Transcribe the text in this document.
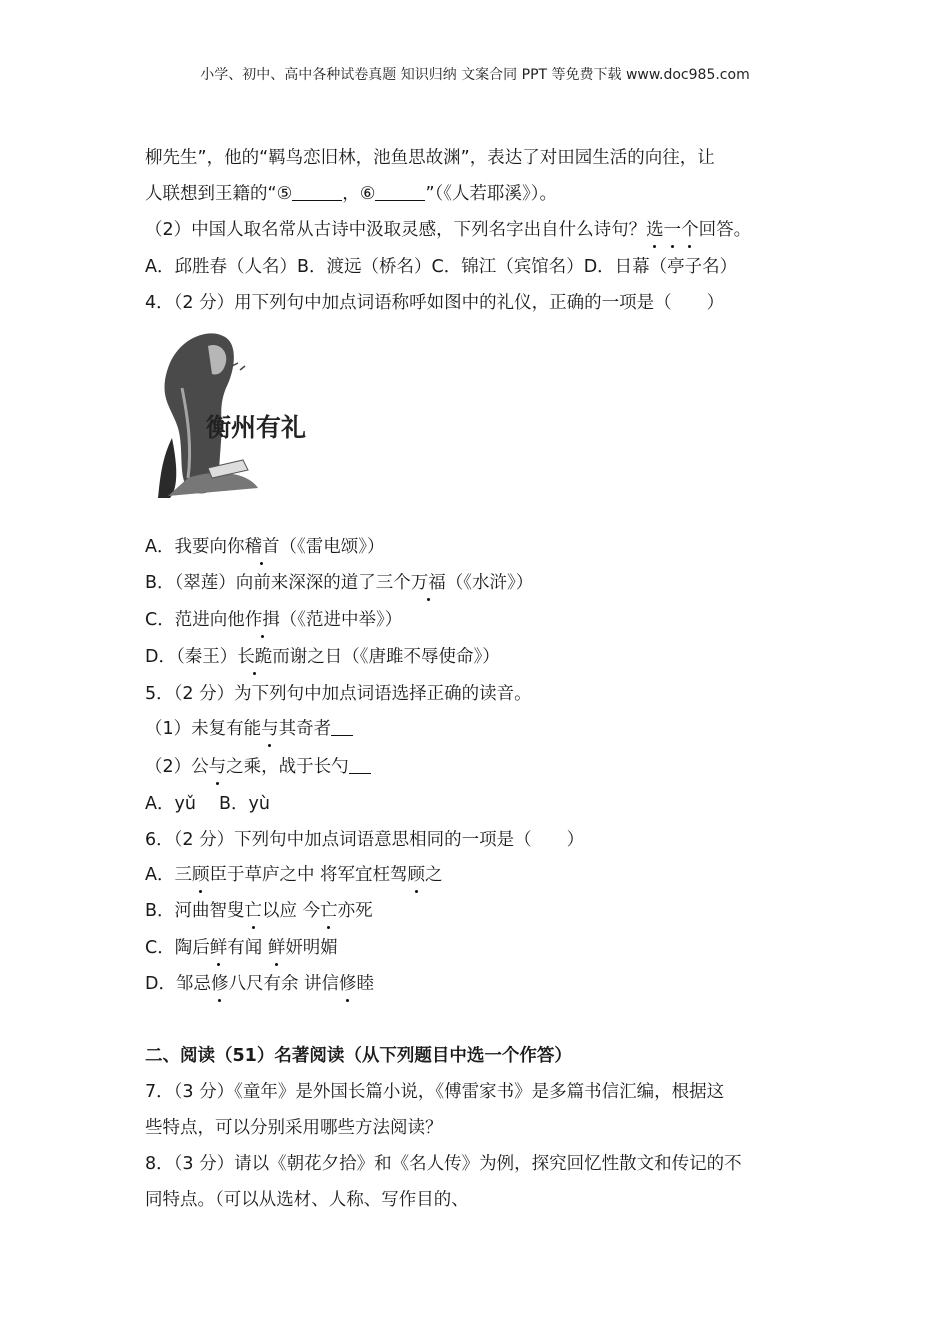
小学、初中、高中各种试卷真题 知识归纳 文案合同 PPT 等免费下载 www.doc985.com
柳先生”，他的“羁鸟恋旧林，池鱼思故渊”，表达了对田园生活的向往，让
人联想到王籍的“⑤	，⑥	”（《人若耶溪》）。
（2）中国人取名常从古诗中汲取灵感，下列名字出自什么诗句？选一个回答。
A．邱胜春（人名）B．渡远（桥名）C．锦江（宾馆名）D．日幕（亭子名）
4．（2 分）用下列句中加点词语称呼如图中的礼仪，正确的一项是（　　）
衡州有礼
A．我要向你稽首（《雷电颂》）
B．（翠莲）向前来深深的道了三个万福（《水浒》）
C．范进向他作揖（《范进中举》）
D．（秦王）长跪而谢之日（《唐雎不辱使命》）
5．（2 分）为下列句中加点词语选择正确的读音。
（1）未复有能与其奇者
（2）公与之乘，战于长勺
A．yǔ　 B．yù
6．（2 分）下列句中加点词语意思相同的一项是（　　）
A．三顾臣于草庐之中 将军宜枉驾顾之
B．河曲智叟亡以应 今亡亦死
C．陶后鲜有闻 鲜妍明媚
D．邹忌修八尺有余 讲信修睦
二、阅读（51）名著阅读（从下列题目中选一个作答）
7．（3 分）《童年》是外国长篇小说，《傅雷家书》是多篇书信汇编，根据这
些特点，可以分别采用哪些方法阅读？
8．（3 分）请以《朝花夕拾》和《名人传》为例，探究回忆性散文和传记的不
同特点。（可以从选材、人称、写作目的、
